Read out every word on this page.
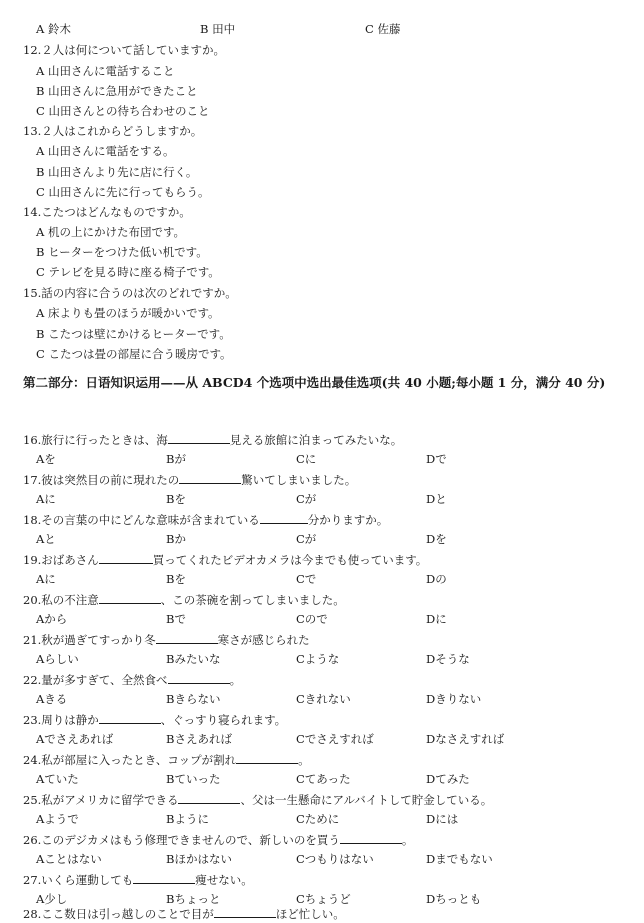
A 鈴木	B 田中	C 佐藤
12.２人は何について話していますか。
A 山田さんに電話すること
B 山田さんに急用ができたこと
C 山田さんとの待ち合わせのこと
13.２人はこれからどうしますか。
A 山田さんに電話をする。
B 山田さんより先に店に行く。
C 山田さんに先に行ってもらう。
14.こたつはどんなものですか。
A 机の上にかけた布団です。
B ヒーターをつけた低い机です。
C テレビを見る時に座る椅子です。
15.話の内容に合うのは次のどれですか。
A 床よりも畳のほうが暖かいです。
B こたつは壁にかけるヒーターです。
C こたつは畳の部屋に合う暖房です。
第二部分：日语知识运用——从 ABCD4 个选项中选出最佳选项(共 40 小题;每小题 1 分，满分 40 分)
16.旅行に行ったときは、海	見える旅館に泊まってみたいな。
Aを	Bが	Cに	Dで
17.彼は突然目の前に現れたの	驚いてしまいました。
Aに	Bを	Cが	Dと
18.その言葉の中にどんな意味が含まれている	分かりますか。
Aと	Bか	Cが	Dを
19.おばあさん	買ってくれたビデオカメラは今までも使っています。
Aに	Bを	Cで	Dの
20.私の不注意	、この茶碗を割ってしまいました。
Aから	Bで	Cので	Dに
21.秋が過ぎてすっかり冬	寒さが感じられた
Aらしい	Bみたいな	Cような	Dそうな
22.量が多すぎて、全然食べ	。
Aきる	Bきらない	Cきれない	Dきりない
23.周りは静か	、ぐっすり寝られます。
Aでさえあれば	Bさえあれば	Cでさえすれば	Dなさえすれば
24.私が部屋に入ったとき、コップが割れ	。
Aていた	Bていった	Cてあった	Dてみた
25.私がアメリカに留学できる	、父は一生懸命にアルバイトして貯金している。
Aようで	Bように	Cために	Dには
26.このデジカメはもう修理できませんので、新しいのを買う	。
Aことはない	Bほかはない	Cつもりはない	Dまでもない
27.いくら運動しても	痩せない。
A少し	Bちょっと	Cちょうど	Dちっとも
28.ここ数日は引っ越しのことで目が	ほど忙しい。
